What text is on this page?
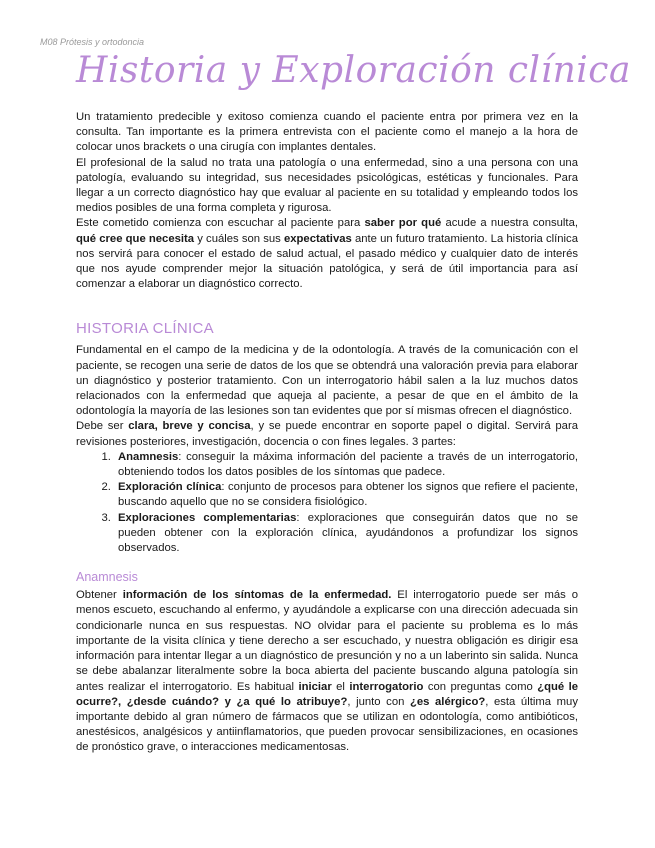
M08 Prótesis y ortodoncia
Historia y Exploración clínica

Un tratamiento predecible y exitoso comienza cuando el paciente entra por primera vez en la consulta. Tan importante es la primera entrevista con el paciente como el manejo a la hora de colocar unos brackets o una cirugía con implantes dentales.

El profesional de la salud no trata una patología o una enfermedad, sino a una persona con una patología, evaluando su integridad, sus necesidades psicológicas, estéticas y funcionales. Para llegar a un correcto diagnóstico hay que evaluar al paciente en su totalidad y empleando todos los medios posibles de una forma completa y rigurosa.

Este cometido comienza con escuchar al paciente para saber por qué acude a nuestra consulta, qué cree que necesita y cuáles son sus expectativas ante un futuro tratamiento. La historia clínica nos servirá para conocer el estado de salud actual, el pasado médico y cualquier dato de interés que nos ayude comprender mejor la situación patológica, y será de útil importancia para así comenzar a elaborar un diagnóstico correcto.

HISTORIA CLÍNICA

Fundamental en el campo de la medicina y de la odontología. A través de la comunicación con el paciente, se recogen una serie de datos de los que se obtendrá una valoración previa para elaborar un diagnóstico y posterior tratamiento. Con un interrogatorio hábil salen a la luz muchos datos relacionados con la enfermedad que aqueja al paciente, a pesar de que en el ámbito de la odontología la mayoría de las lesiones son tan evidentes que por sí mismas ofrecen el diagnóstico.

Debe ser clara, breve y concisa, y se puede encontrar en soporte papel o digital. Servirá para revisiones posteriores, investigación, docencia o con fines legales. 3 partes:

1. Anamnesis: conseguir la máxima información del paciente a través de un interrogatorio, obteniendo todos los datos posibles de los síntomas que padece.
2. Exploración clínica: conjunto de procesos para obtener los signos que refiere el paciente, buscando aquello que no se considera fisiológico.
3. Exploraciones complementarias: exploraciones que conseguirán datos que no se pueden obtener con la exploración clínica, ayudándonos a profundizar los signos observados.
Anamnesis

Obtener información de los síntomas de la enfermedad. El interrogatorio puede ser más o menos escueto, escuchando al enfermo, y ayudándole a explicarse con una dirección adecuada sin condicionarle nunca en sus respuestas. NO olvidar para el paciente su problema es lo más importante de la visita clínica y tiene derecho a ser escuchado, y nuestra obligación es dirigir esa información para intentar llegar a un diagnóstico de presunción y no a un laberinto sin salida. Nunca se debe abalanzar literalmente sobre la boca abierta del paciente buscando alguna patología sin antes realizar el interrogatorio. Es habitual iniciar el interrogatorio con preguntas como ¿qué le ocurre?, ¿desde cuándo? y ¿a qué lo atribuye?, junto con ¿es alérgico?, esta última muy importante debido al gran número de fármacos que se utilizan en odontología, como antibióticos, anestésicos, analgésicos y antiinflamatorios, que pueden provocar sensibilizaciones, en ocasiones de pronóstico grave, o interacciones medicamentosas.
